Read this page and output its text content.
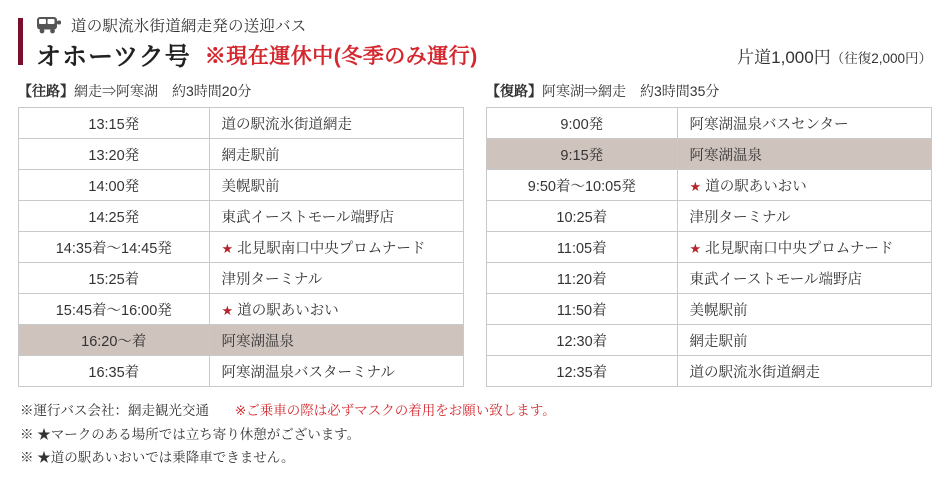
道の駅流氷街道網走発の送迎バス
オホーツク号 ※現在運休中(冬季のみ運行)	片道1,000円（往復2,000円）
【往路】網走⇒阿寒湖 約3時間20分
13:15発	道の駅流氷街道網走
13:20発	網走駅前
14:00発	美幌駅前
14:25発	東武イーストモール端野店
14:35着～14:45発	★ 北見駅南口中央プロムナード
15:25着	津別ターミナル
15:45着～16:00発	★ 道の駅あいおい
16:20～着	阿寒湖温泉
16:35着	阿寒湖温泉バスターミナル
【復路】阿寒湖⇒網走 約3時間35分
9:00発	阿寒湖温泉バスセンター
9:15発	阿寒湖温泉
9:50着～10:05発	★ 道の駅あいおい
10:25着	津別ターミナル
11:05着	★ 北見駅南口中央プロムナード
11:20着	東武イーストモール端野店
11:50着	美幌駅前
12:30着	網走駅前
12:35着	道の駅流氷街道網走
※運行バス会社：網走観光交通 ※ご乗車の際は必ずマスクの着用をお願い致します。
※ ★マークのある場所では立ち寄り休憩がございます。
※ ★道の駅あいおいでは乗降車できません。
